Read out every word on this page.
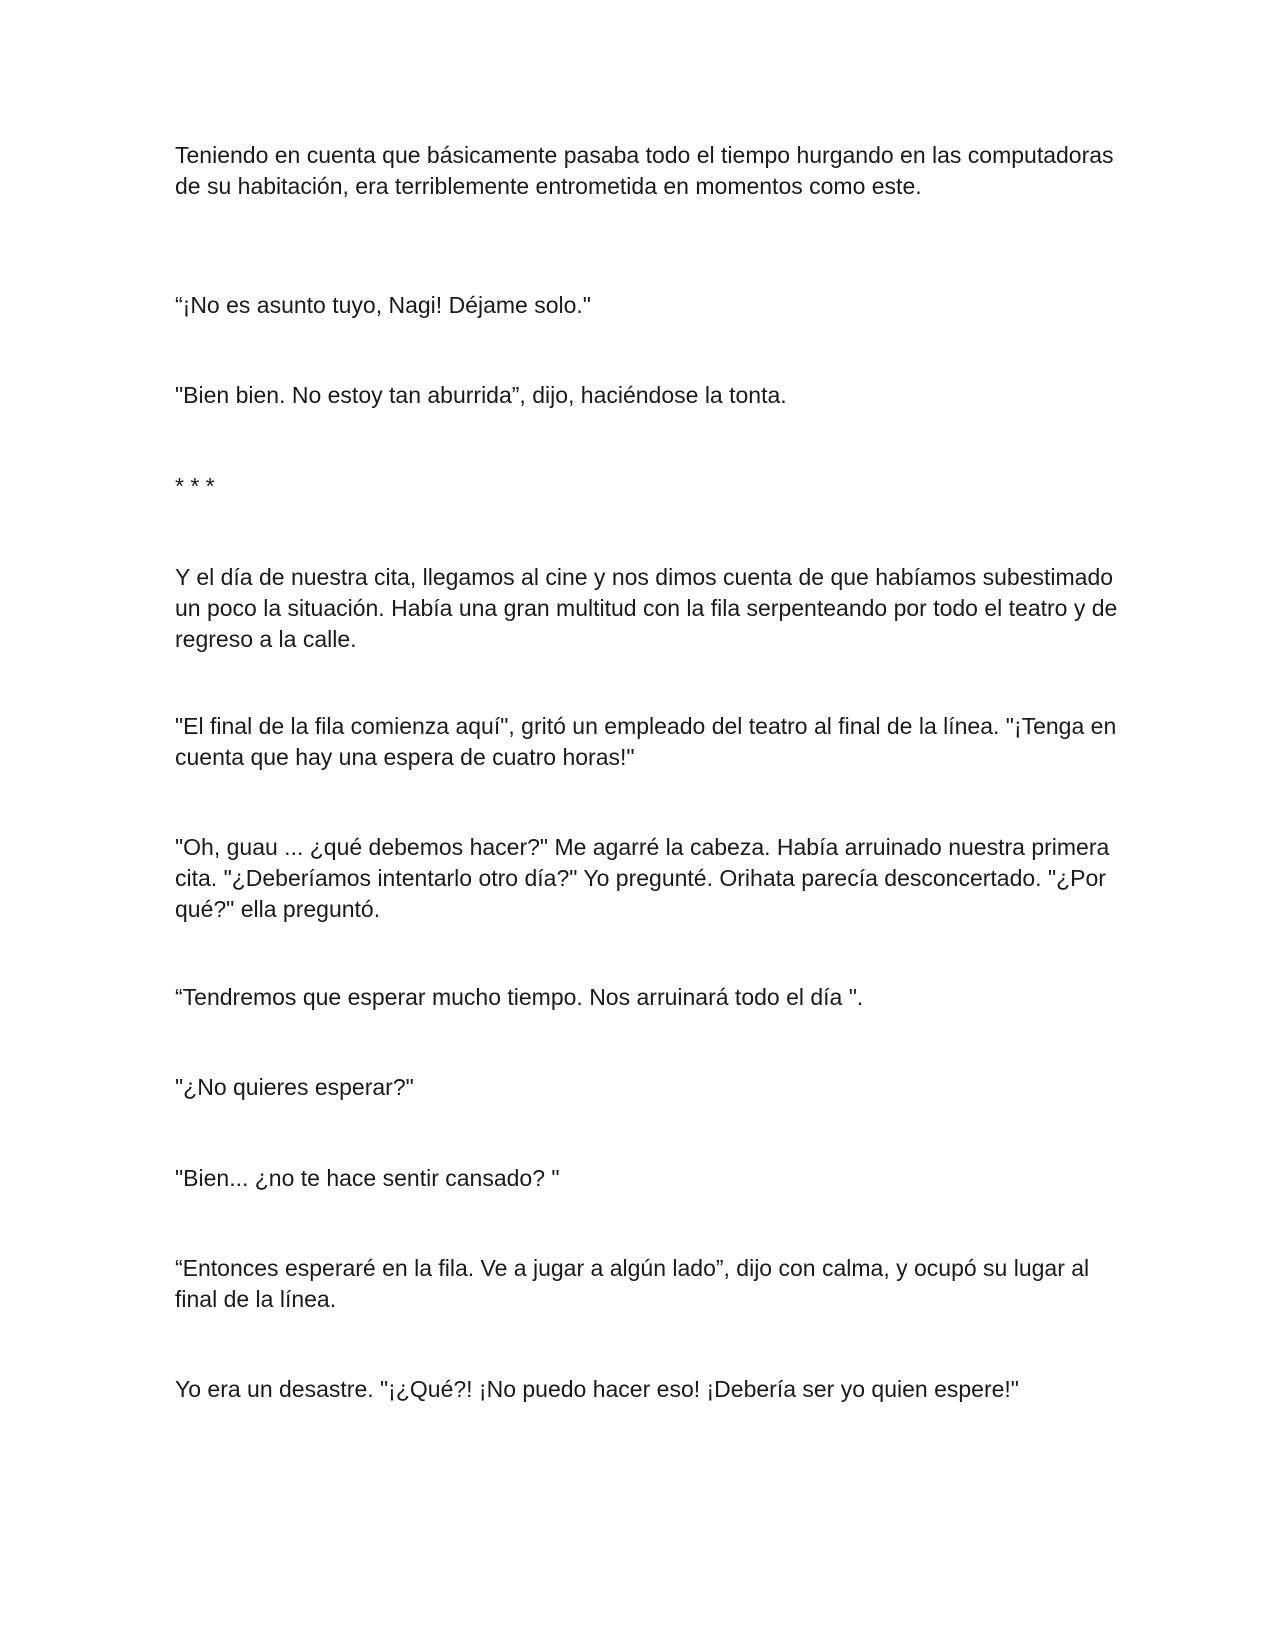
Teniendo en cuenta que básicamente pasaba todo el tiempo hurgando en las computadoras de su habitación, era terriblemente entrometida en momentos como este.

“¡No es asunto tuyo, Nagi! Déjame solo."

"Bien bien. No estoy tan aburrida”, dijo, haciéndose la tonta.

* * *

Y el día de nuestra cita, llegamos al cine y nos dimos cuenta de que habíamos subestimado un poco la situación. Había una gran multitud con la fila serpenteando por todo el teatro y de regreso a la calle.

"El final de la fila comienza aquí", gritó un empleado del teatro al final de la línea. "¡Tenga en cuenta que hay una espera de cuatro horas!"

"Oh, guau ... ¿qué debemos hacer?" Me agarré la cabeza. Había arruinado nuestra primera cita. "¿Deberíamos intentarlo otro día?" Yo pregunté. Orihata parecía desconcertado. "¿Por qué?" ella preguntó.

“Tendremos que esperar mucho tiempo. Nos arruinará todo el día ".

"¿No quieres esperar?"

"Bien... ¿no te hace sentir cansado? "

“Entonces esperaré en la fila. Ve a jugar a algún lado”, dijo con calma, y ocupó su lugar al final de la línea.

Yo era un desastre. "¡¿Qué?! ¡No puedo hacer eso! ¡Debería ser yo quien espere!"
